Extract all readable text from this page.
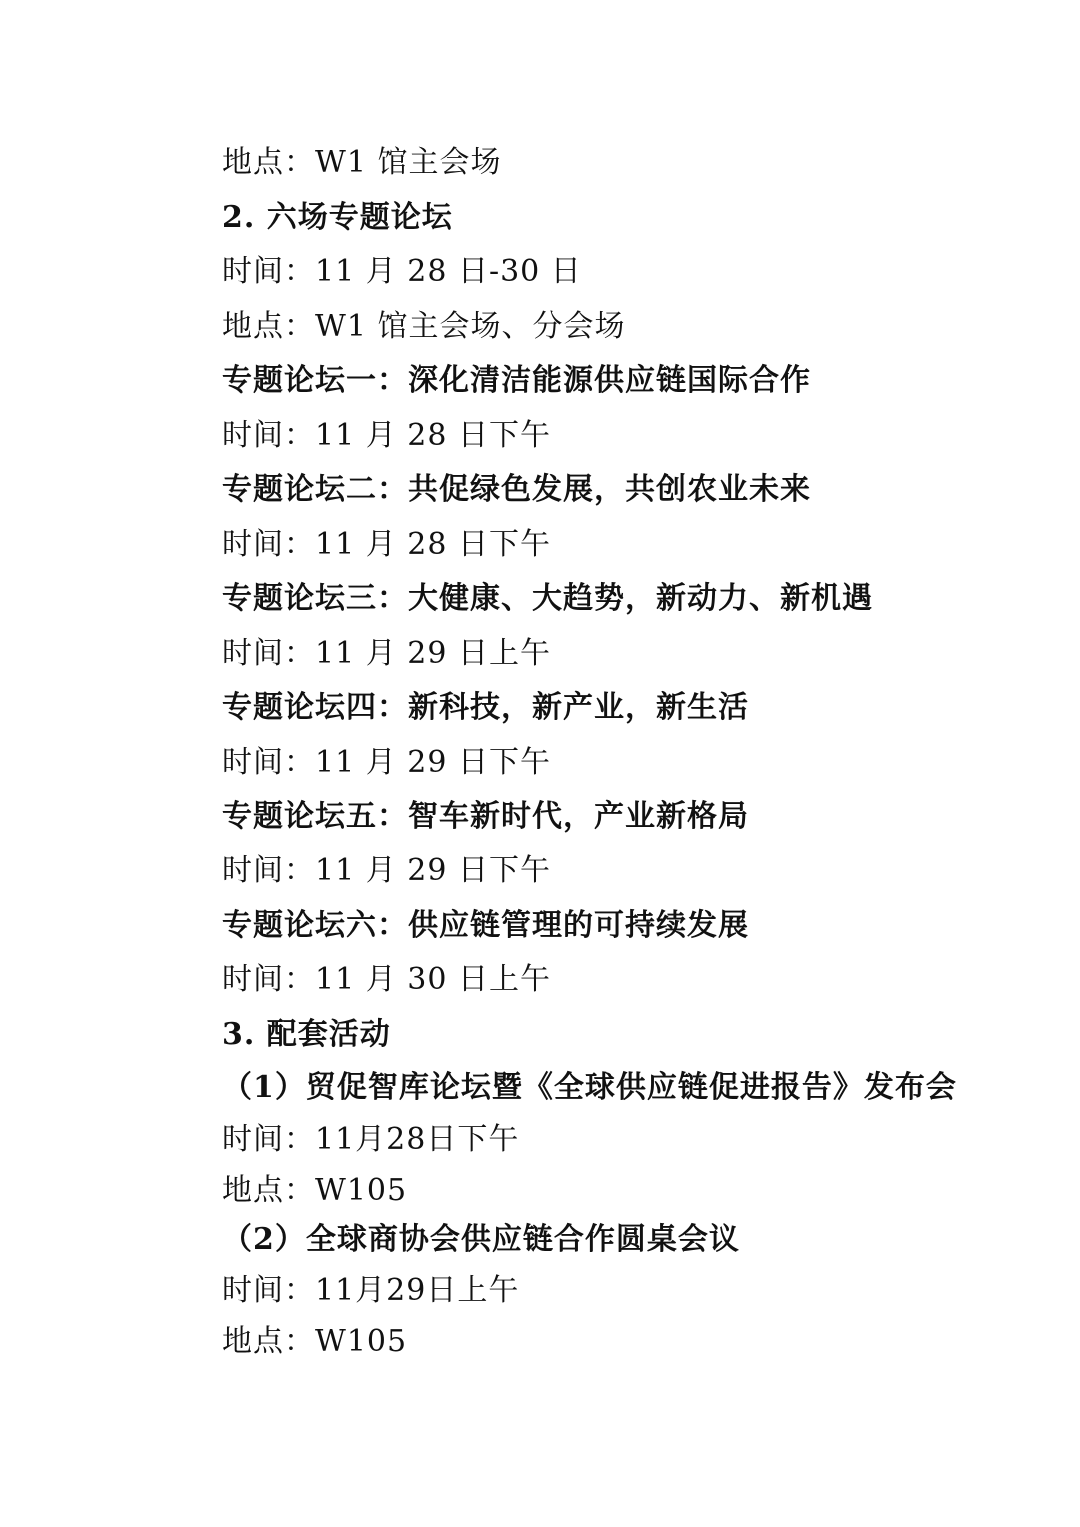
地点：W1 馆主会场
2. 六场专题论坛
时间：11 月 28 日-30 日
地点：W1 馆主会场、分会场
专题论坛一：深化清洁能源供应链国际合作
时间：11 月 28 日下午
专题论坛二：共促绿色发展，共创农业未来
时间：11 月 28 日下午
专题论坛三：大健康、大趋势，新动力、新机遇
时间：11 月 29 日上午
专题论坛四：新科技，新产业，新生活
时间：11 月 29 日下午
专题论坛五：智车新时代，产业新格局
时间：11 月 29 日下午
专题论坛六：供应链管理的可持续发展
时间：11 月 30 日上午
3. 配套活动
（1）贸促智库论坛暨《全球供应链促进报告》发布会
时间：11月28日下午
地点：W105
（2）全球商协会供应链合作圆桌会议
时间：11月29日上午
地点：W105
